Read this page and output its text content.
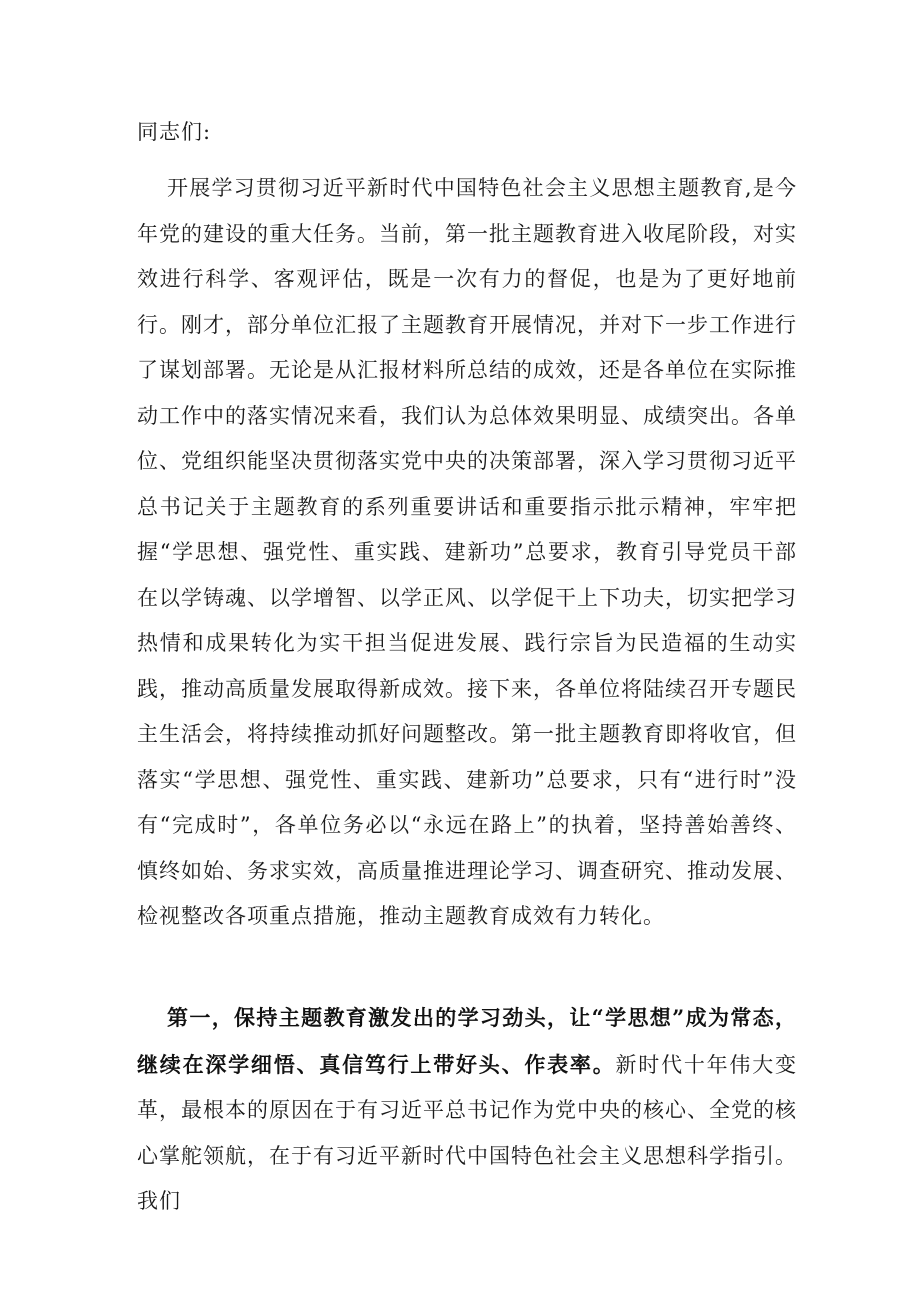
同志们:
开展学习贯彻习近平新时代中国特色社会主义思想主题教育,是今年党的建设的重大任务。当前，第一批主题教育进入收尾阶段，对实效进行科学、客观评估，既是一次有力的督促，也是为了更好地前行。刚才，部分单位汇报了主题教育开展情况，并对下一步工作进行了谋划部署。无论是从汇报材料所总结的成效，还是各单位在实际推动工作中的落实情况来看，我们认为总体效果明显、成绩突出。各单位、党组织能坚决贯彻落实党中央的决策部署，深入学习贯彻习近平总书记关于主题教育的系列重要讲话和重要指示批示精神，牢牢把握“学思想、强党性、重实践、建新功”总要求，教育引导党员干部在以学铸魂、以学增智、以学正风、以学促干上下功夫，切实把学习热情和成果转化为实干担当促进发展、践行宗旨为民造福的生动实践，推动高质量发展取得新成效。接下来，各单位将陆续召开专题民主生活会，将持续推动抓好问题整改。第一批主题教育即将收官，但落实“学思想、强党性、重实践、建新功”总要求，只有“进行时”没有“完成时”，各单位务必以“永远在路上”的执着，坚持善始善终、慎终如始、务求实效，高质量推进理论学习、调查研究、推动发展、检视整改各项重点措施，推动主题教育成效有力转化。
第一，保持主题教育激发出的学习劲头，让“学思想”成为常态，继续在深学细悟、真信笃行上带好头、作表率。新时代十年伟大变革，最根本的原因在于有习近平总书记作为党中央的核心、全党的核心掌舵领航，在于有习近平新时代中国特色社会主义思想科学指引。我们
